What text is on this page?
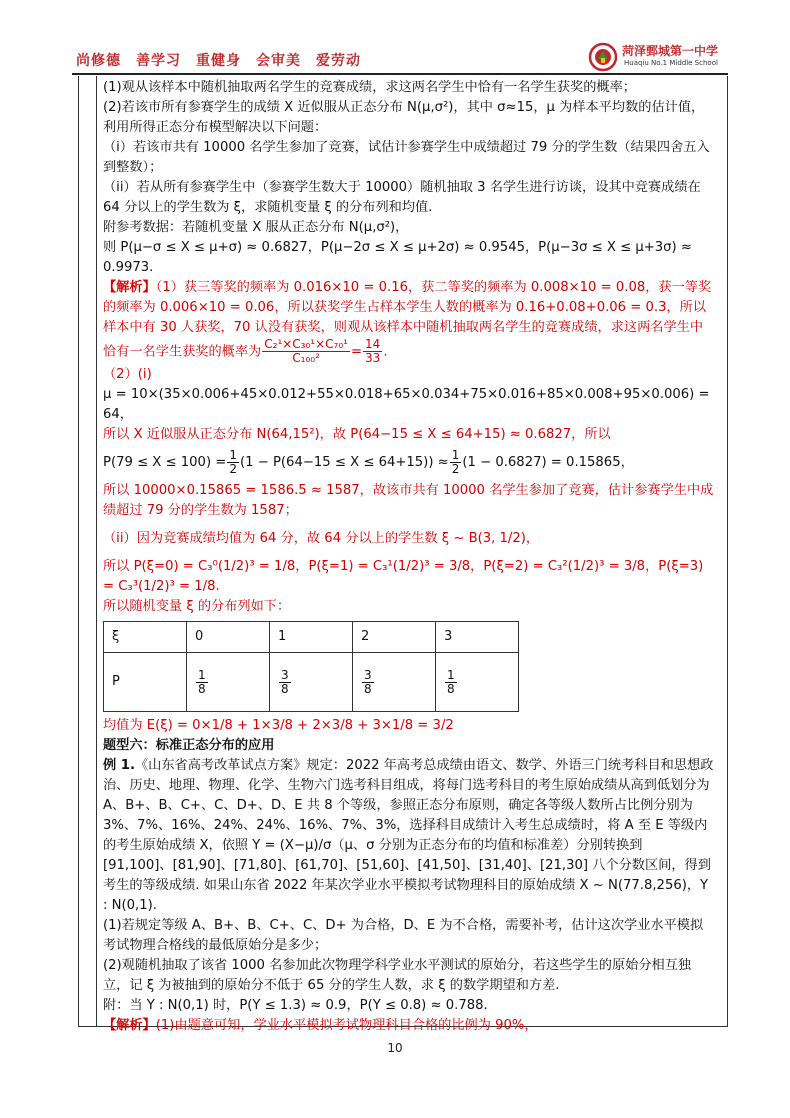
尚修德　善学习　重健身　会审美　爱劳动
菏泽鄄城第一中学
Huaqiu No.1 Middle School

(1)观从该样本中随机抽取两名学生的竞赛成绩，求这两名学生中恰有一名学生获奖的概率；

(2)若该市所有参赛学生的成绩 X 近似服从正态分布 N(μ,σ²)，其中 σ≈15，μ 为样本平均数的估计值，利用所得正态分布模型解决以下问题：

（i）若该市共有 10000 名学生参加了竞赛，试估计参赛学生中成绩超过 79 分的学生数（结果四舍五入到整数）；

（ii）若从所有参赛学生中（参赛学生数大于 10000）随机抽取 3 名学生进行访谈，设其中竞赛成绩在 64 分以上的学生数为 ξ，求随机变量 ξ 的分布列和均值.

附参考数据：若随机变量 X 服从正态分布 N(μ,σ²)，

则 P(μ−σ ≤ X ≤ μ+σ) ≈ 0.6827，P(μ−2σ ≤ X ≤ μ+2σ) ≈ 0.9545，P(μ−3σ ≤ X ≤ μ+3σ) ≈ 0.9973.

【解析】（1）获三等奖的频率为 0.016×10 = 0.16，获二等奖的频率为 0.008×10 = 0.08，获一等奖的频率为 0.006×10 = 0.06，所以获奖学生占样本学生人数的概率为 0.16+0.08+0.06 = 0.3，所以样本中有 30 人获奖，70 认没有获奖，则观从该样本中随机抽取两名学生的竞赛成绩，求这两名学生中恰有一名学生获奖的概率为 $\frac{\text{C₂¹×C₃₀¹×C₇₀¹}}{\text{C₁₀₀²}} = \frac{14}{33}$ .

（2）(i)

μ = 10×(35×0.006+45×0.012+55×0.018+65×0.034+75×0.016+85×0.008+95×0.006) = 64，

所以 X 近似服从正态分布 N(64,15²)，故 P(64−15 ≤ X ≤ 64+15) ≈ 0.6827，所以

$P(79 \le X \le 100) = \frac{1}{2} (1 - P(64-15 \le X \le 64+15)) \approx \frac{1}{2} (1 - 0.6827) = 0.15865$，

所以 10000×0.15865 = 1586.5 ≈ 1587，故该市共有 10000 名学生参加了竞赛，估计参赛学生中成绩超过 79 分的学生数为 1587；

（ii）因为竞赛成绩均值为 64 分，故 64 分以上的学生数 ξ ~ B(3, 1/2)，

所以 P(ξ=0) = C₃⁰(1/2)³ = 1/8，P(ξ=1) = C₃¹(1/2)³ = 3/8，P(ξ=2) = C₃²(1/2)³ = 3/8，P(ξ=3) = C₃³(1/2)³ = 1/8.

所以随机变量 ξ 的分布列如下：

ξ	0	1	2	3
P	$\frac{1}{8}$	$\frac{3}{8}$	$\frac{3}{8}$	$\frac{1}{8}$

均值为 E(ξ) = 0×1/8 + 1×3/8 + 2×3/8 + 3×1/8 = 3/2

题型六：标准正态分布的应用

例 1.《山东省高考改革试点方案》规定：2022 年高考总成绩由语文、数学、外语三门统考科目和思想政治、历史、地理、物理、化学、生物六门选考科目组成，将每门选考科目的考生原始成绩从高到低划分为 A、B+、B、C+、C、D+、D、E 共 8 个等级，参照正态分布原则，确定各等级人数所占比例分别为 3%、7%、16%、24%、24%、16%、7%、3%，选择科目成绩计入考生总成绩时，将 A 至 E 等级内的考生原始成绩 X，依照 Y = (X−μ)/σ（μ、σ 分别为正态分布的均值和标准差）分别转换到 [91,100]、[81,90]、[71,80]、[61,70]、[51,60]、[41,50]、[31,40]、[21,30] 八个分数区间，得到考生的等级成绩. 如果山东省 2022 年某次学业水平模拟考试物理科目的原始成绩 X ~ N(77.8,256)，Y : N(0,1).

(1)若规定等级 A、B+、B、C+、C、D+ 为合格，D、E 为不合格，需要补考，估计这次学业水平模拟考试物理合格线的最低原始分是多少；

(2)观随机抽取了该省 1000 名参加此次物理学科学业水平测试的原始分，若这些学生的原始分相互独立，记 ξ 为被抽到的原始分不低于 65 分的学生人数，求 ξ 的数学期望和方差.

附：当 Y : N(0,1) 时，P(Y ≤ 1.3) ≈ 0.9，P(Y ≤ 0.8) ≈ 0.788.

【解析】(1)由题意可知，学业水平模拟考试物理科目合格的比例为 90%，

10
